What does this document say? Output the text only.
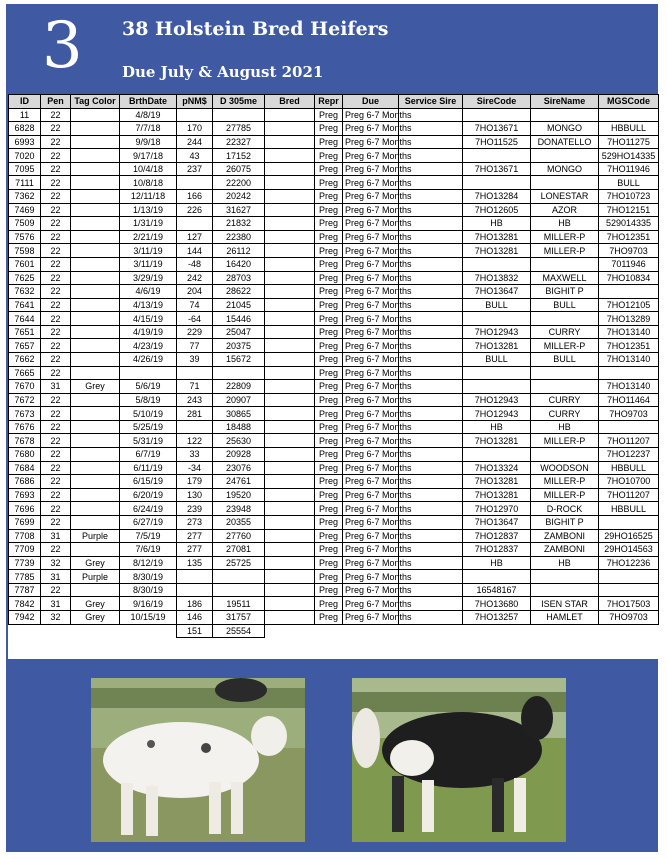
3 38 Holstein Bred Heifers
Due July & August 2021
ID	Pen	Tag Color	BrthDate	pNM$	D 305me	Bred	Repr	Due	Service Sire	SireCode	SireName	MGSCode
11	22		4/8/19				Preg	Preg 6-7 Months				
6828	22		7/7/18	170	27785		Preg	Preg 6-7 Months		7HO13671	MONGO	HBBULL
6993	22		9/9/18	244	22327		Preg	Preg 6-7 Months		7HO11525	DONATELLO	7HO11275
7020	22		9/17/18	43	17152		Preg	Preg 6-7 Months				529HO14335
7095	22		10/4/18	237	26075		Preg	Preg 6-7 Months		7HO13671	MONGO	7HO11946
7111	22		10/8/18		22200		Preg	Preg 6-7 Months				BULL
7362	22		12/11/18	166	20242		Preg	Preg 6-7 Months		7HO13284	LONESTAR	7HO10723
7469	22		1/13/19	226	31627		Preg	Preg 6-7 Months		7HO12605	AZOR	7HO12151
7509	22		1/31/19		21832		Preg	Preg 6-7 Months		HB	HB	529014335
7576	22		2/21/19	127	22380		Preg	Preg 6-7 Months		7HO13281	MILLER-P	7HO12351
7598	22		3/11/19	144	26112		Preg	Preg 6-7 Months		7HO13281	MILLER-P	7HO9703
7601	22		3/11/19	-48	16420		Preg	Preg 6-7 Months				7011946
7625	22		3/29/19	242	28703		Preg	Preg 6-7 Months		7HO13832	MAXWELL	7HO10834
7632	22		4/6/19	204	28622		Preg	Preg 6-7 Months		7HO13647	BIGHIT P	
7641	22		4/13/19	74	21045		Preg	Preg 6-7 Months		BULL	BULL	7HO12105
7644	22		4/15/19	-64	15446		Preg	Preg 6-7 Months				7HO13289
7651	22		4/19/19	229	25047		Preg	Preg 6-7 Months		7HO12943	CURRY	7HO13140
7657	22		4/23/19	77	20375		Preg	Preg 6-7 Months		7HO13281	MILLER-P	7HO12351
7662	22		4/26/19	39	15672		Preg	Preg 6-7 Months		BULL	BULL	7HO13140
7665	22						Preg	Preg 6-7 Months				
7670	31	Grey	5/6/19	71	22809		Preg	Preg 6-7 Months				7HO13140
7672	22		5/8/19	243	20907		Preg	Preg 6-7 Months		7HO12943	CURRY	7HO11464
7673	22		5/10/19	281	30865		Preg	Preg 6-7 Months		7HO12943	CURRY	7HO9703
7676	22		5/25/19		18488		Preg	Preg 6-7 Months		HB	HB	
7678	22		5/31/19	122	25630		Preg	Preg 6-7 Months		7HO13281	MILLER-P	7HO11207
7680	22		6/7/19	33	20928		Preg	Preg 6-7 Months				7HO12237
7684	22		6/11/19	-34	23076		Preg	Preg 6-7 Months		7HO13324	WOODSON	HBBULL
7686	22		6/15/19	179	24761		Preg	Preg 6-7 Months		7HO13281	MILLER-P	7HO10700
7693	22		6/20/19	130	19520		Preg	Preg 6-7 Months		7HO13281	MILLER-P	7HO11207
7696	22		6/24/19	239	23948		Preg	Preg 6-7 Months		7HO12970	D-ROCK	HBBULL
7699	22		6/27/19	273	20355		Preg	Preg 6-7 Months		7HO13647	BIGHIT P	
7708	31	Purple	7/5/19	277	27760		Preg	Preg 6-7 Months		7HO12837	ZAMBONI	29HO16525
7709	22		7/6/19	277	27081		Preg	Preg 6-7 Months		7HO12837	ZAMBONI	29HO14563
7739	32	Grey	8/12/19	135	25725		Preg	Preg 6-7 Months		HB	HB	7HO12236
7785	31	Purple	8/30/19				Preg	Preg 6-7 Months				
7787	22		8/30/19				Preg	Preg 6-7 Months		16548167		
7842	31	Grey	9/16/19	186	19511		Preg	Preg 6-7 Months		7HO13680	ISEN STAR	7HO17503
7942	32	Grey	10/15/19	146	31757		Preg	Preg 6-7 Months		7HO13257	HAMLET	7HO9703
				151	25554							
